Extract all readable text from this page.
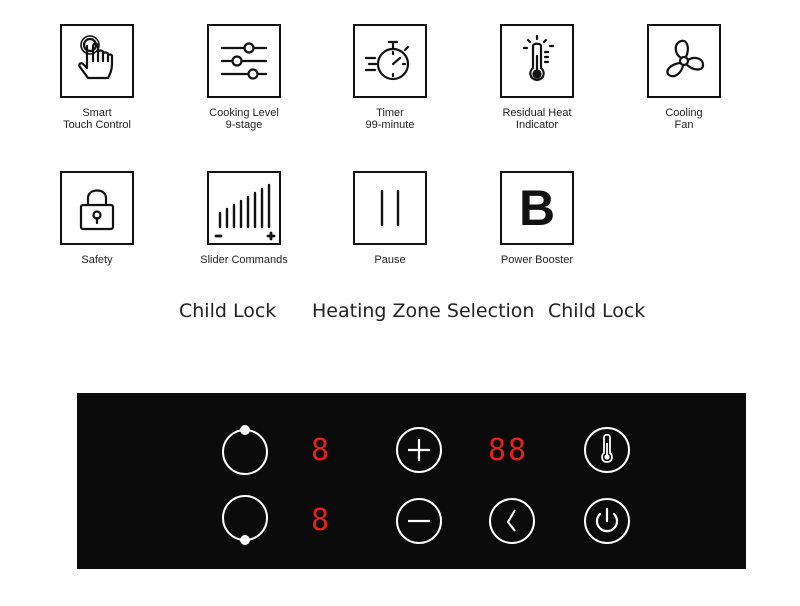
Smart
Touch Control
Cooking Level
9-stage
Timer
99-minute
Residual Heat
Indicator
Cooling
Fan
Safety	Slider Commands	Pause
B
Power Booster
Child Lock Heating Zone Selection Child Lock
8	88
8
